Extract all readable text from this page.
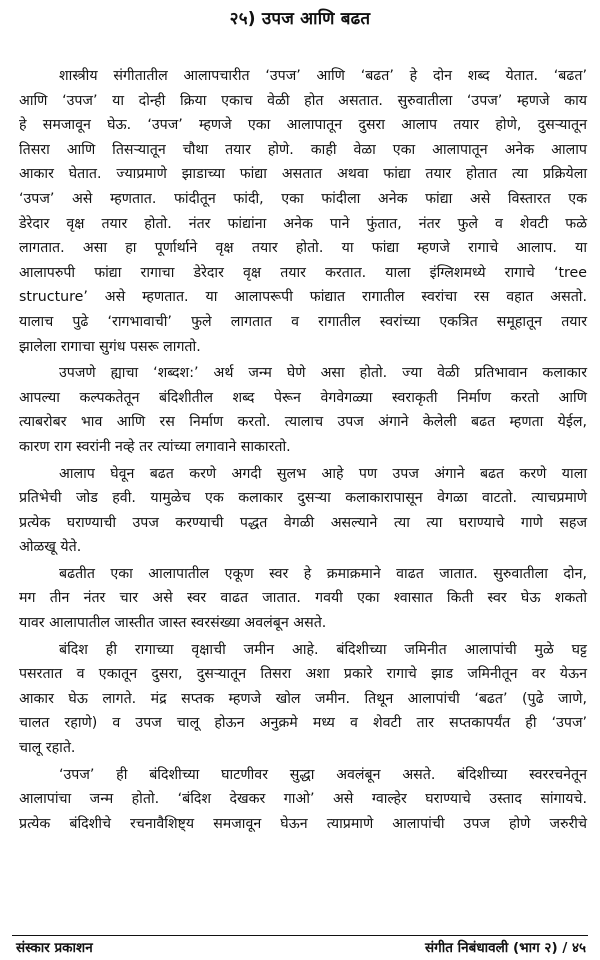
२५) उपज आणि बढत
शास्त्रीय संगीतातील आलापचारीत ‘उपज’ आणि ‘बढत’ हे दोन शब्द येतात. ‘बढत’
आणि ‘उपज’ या दोन्ही क्रिया एकाच वेळी होत असतात. सुरुवातीला ‘उपज’ म्हणजे काय
हे समजावून घेऊ. ‘उपज’ म्हणजे एका आलापातून दुसरा आलाप तयार होणे, दुसऱ्यातून
तिसरा आणि तिसऱ्यातून चौथा तयार होणे. काही वेळा एका आलापातून अनेक आलाप
आकार घेतात. ज्याप्रमाणे झाडाच्या फांद्या असतात अथवा फांद्या तयार होतात त्या प्रक्रियेला
‘उपज’ असे म्हणतात. फांदीतून फांदी, एका फांदीला अनेक फांद्या असे विस्तारत एक
डेरेदार वृक्ष तयार होतो. नंतर फांद्यांना अनेक पाने फुंतात, नंतर फुले व शेवटी फळे
लागतात. असा हा पूर्णार्थाने वृक्ष तयार होतो. या फांद्या म्हणजे रागाचे आलाप. या
आलापरुपी फांद्या रागाचा डेरेदार वृक्ष तयार करतात. याला इंग्लिशमध्ये रागाचे ‘tree
structure’ असे म्हणतात. या आलापरूपी फांद्यात रागातील स्वरांचा रस वहात असतो.
यालाच पुढे ‘रागभावाची’ फुले लागतात व रागातील स्वरांच्या एकत्रित समूहातून तयार
झालेला रागाचा सुगंध पसरू लागतो.
उपजणे ह्याचा ‘शब्दश:’ अर्थ जन्म घेणे असा होतो. ज्या वेळी प्रतिभावान कलाकार
आपल्या कल्पकतेतून बंदिशीतील शब्द पेरून वेगवेगळ्या स्वराकृती निर्माण करतो आणि
त्याबरोबर भाव आणि रस निर्माण करतो. त्यालाच उपज अंगाने केलेली बढत म्हणता येईल,
कारण राग स्वरांनी नव्हे तर त्यांच्या लगावाने साकारतो.
आलाप घेवून बढत करणे अगदी सुलभ आहे पण उपज अंगाने बढत करणे याला
प्रतिभेची जोड हवी. यामुळेच एक कलाकार दुसऱ्या कलाकारापासून वेगळा वाटतो. त्याचप्रमाणे
प्रत्येक घराण्याची उपज करण्याची पद्धत वेगळी असल्याने त्या त्या घराण्याचे गाणे सहज
ओळखू येते.
बढतीत एका आलापातील एकूण स्वर हे क्रमाक्रमाने वाढत जातात. सुरुवातीला दोन,
मग तीन नंतर चार असे स्वर वाढत जातात. गवयी एका श्वासात किती स्वर घेऊ शकतो
यावर आलापातील जास्तीत जास्त स्वरसंख्या अवलंबून असते.
बंदिश ही रागाच्या वृक्षाची जमीन आहे. बंदिशीच्या जमिनीत आलापांची मुळे घट्ट
पसरतात व एकातून दुसरा, दुसऱ्यातून तिसरा अशा प्रकारे रागाचे झाड जमिनीतून वर येऊन
आकार घेऊ लागते. मंद्र सप्तक म्हणजे खोल जमीन. तिथून आलापांची ‘बढत’ (पुढे जाणे,
चालत रहाणे) व उपज चालू होऊन अनुक्रमे मध्य व शेवटी तार सप्तकापर्यंत ही ‘उपज’
चालू रहाते.
‘उपज’ ही बंदिशीच्या घाटणीवर सुद्धा अवलंबून असते. बंदिशीच्या स्वररचनेतून
आलापांचा जन्म होतो. ‘बंदिश देखकर गाओ’ असे ग्वाल्हेर घराण्याचे उस्ताद सांगायचे.
प्रत्येक बंदिशीचे रचनावैशिष्ट्य समजावून घेऊन त्याप्रमाणे आलापांची उपज होणे जरुरीचे
संस्कार प्रकाशन	संगीत निबंधावली (भाग २) / ४५
